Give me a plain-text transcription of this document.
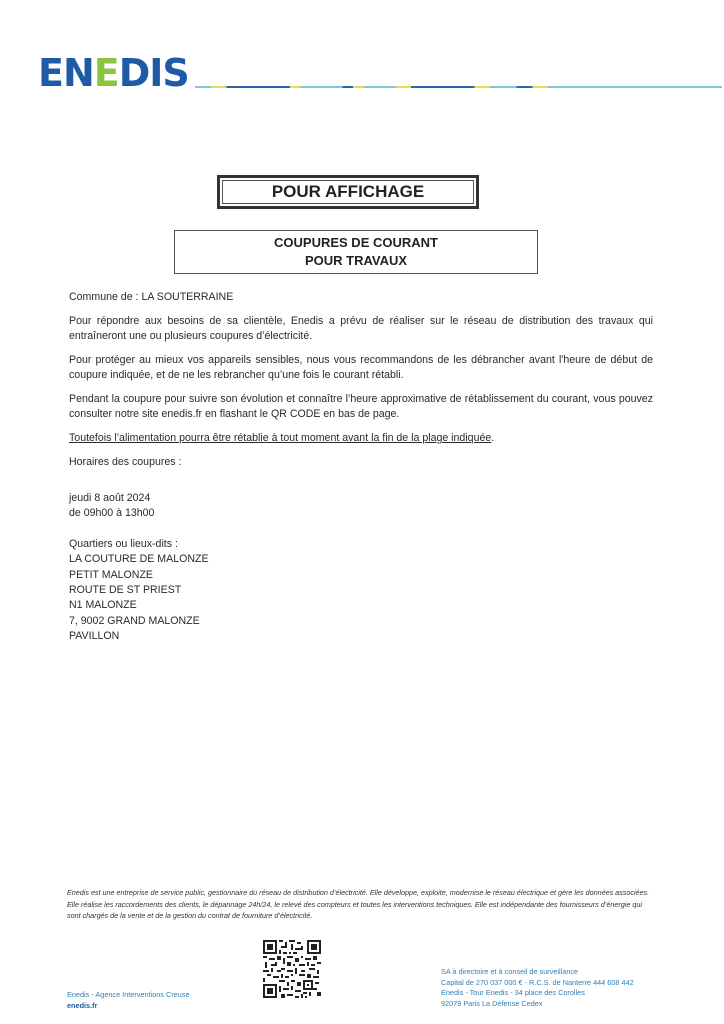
EN E DIS
POUR AFFICHAGE
COUPURES DE COURANT
POUR TRAVAUX

Commune de : LA SOUTERRAINE

Pour répondre aux besoins de sa clientèle, Enedis a prévu de réaliser sur le réseau de distribution des travaux qui entraîneront une ou plusieurs coupures d’électricité.

Pour protéger au mieux vos appareils sensibles, nous vous recommandons de les débrancher avant l'heure de début de coupure indiquée, et de ne les rebrancher qu’une fois le courant rétabli.

Pendant la coupure pour suivre son évolution et connaître l’heure approximative de rétablissement du courant, vous pouvez consulter notre site enedis.fr en flashant le QR CODE en bas de page.

Toutefois l’alimentation pourra être rétablie à tout moment avant la fin de la plage indiquée.

Horaires des coupures :

jeudi 8 août 2024
de 09h00 à 13h00
Quartiers ou lieux-dits :
LA COUTURE DE MALONZE
PETIT MALONZE
ROUTE DE ST PRIEST
N1 MALONZE
7, 9002 GRAND MALONZE
PAVILLON
Enedis est une entreprise de service public, gestionnaire du réseau de distribution d’électricité. Elle développe, exploite, modernise le réseau électrique et gère les données associées. Elle réalise les raccordements des clients, le dépannage 24h/24, le relevé des compteurs et toutes les interventions techniques. Elle est indépendante des fournisseurs d’énergie qui sont chargés de la vente et de la gestion du contrat de fourniture d’électricité.
Enedis - Agence Interventions Creuse
enedis.fr
SA à directoire et à conseil de surveillance
Capital de 270 037 000 € - R.C.S. de Nanterre 444 608 442
Enedis - Tour Enedis - 34 place des Corolles
92079 Paris La Défense Cedex
